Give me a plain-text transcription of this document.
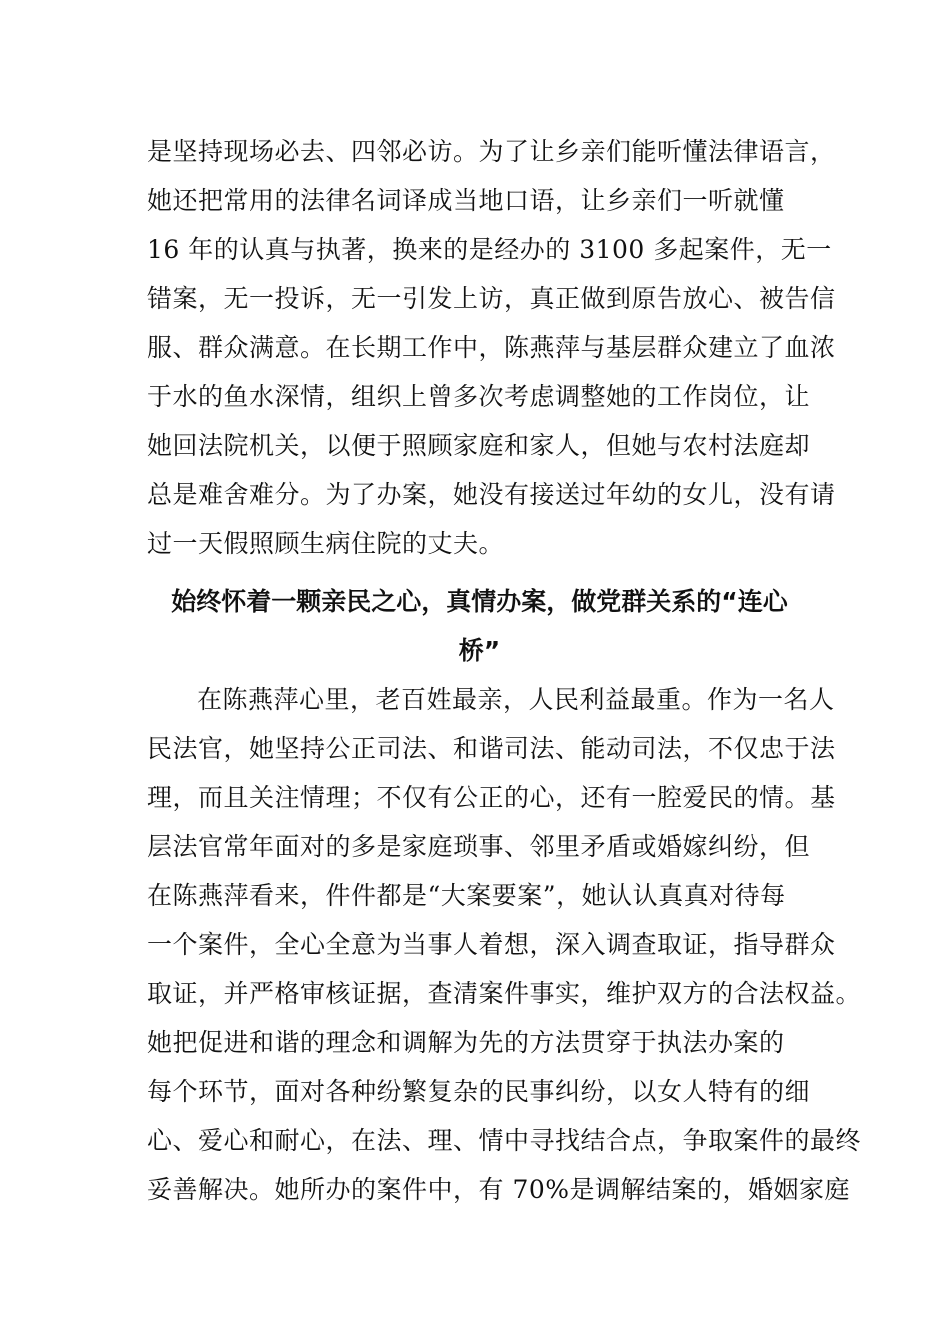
是坚持现场必去、四邻必访。为了让乡亲们能听懂法律语言，
她还把常用的法律名词译成当地口语，让乡亲们一听就懂
16 年的认真与执著，换来的是经办的 3100 多起案件，无一
错案，无一投诉，无一引发上访，真正做到原告放心、被告信
服、群众满意。在长期工作中，陈燕萍与基层群众建立了血浓
于水的鱼水深情，组织上曾多次考虑调整她的工作岗位，让
她回法院机关，以便于照顾家庭和家人，但她与农村法庭却
总是难舍难分。为了办案，她没有接送过年幼的女儿，没有请
过一天假照顾生病住院的丈夫。
始终怀着一颗亲民之心，真情办案，做党群关系的“连心
桥”
在陈燕萍心里，老百姓最亲，人民利益最重。作为一名人
民法官，她坚持公正司法、和谐司法、能动司法，不仅忠于法
理，而且关注情理；不仅有公正的心，还有一腔爱民的情。基
层法官常年面对的多是家庭琐事、邻里矛盾或婚嫁纠纷，但
在陈燕萍看来，件件都是“大案要案”，她认认真真对待每
一个案件，全心全意为当事人着想，深入调查取证，指导群众
取证，并严格审核证据，查清案件事实，维护双方的合法权益。
她把促进和谐的理念和调解为先的方法贯穿于执法办案的
每个环节，面对各种纷繁复杂的民事纠纷，以女人特有的细
心、爱心和耐心，在法、理、情中寻找结合点，争取案件的最终
妥善解决。她所办的案件中，有 70%是调解结案的，婚姻家庭
